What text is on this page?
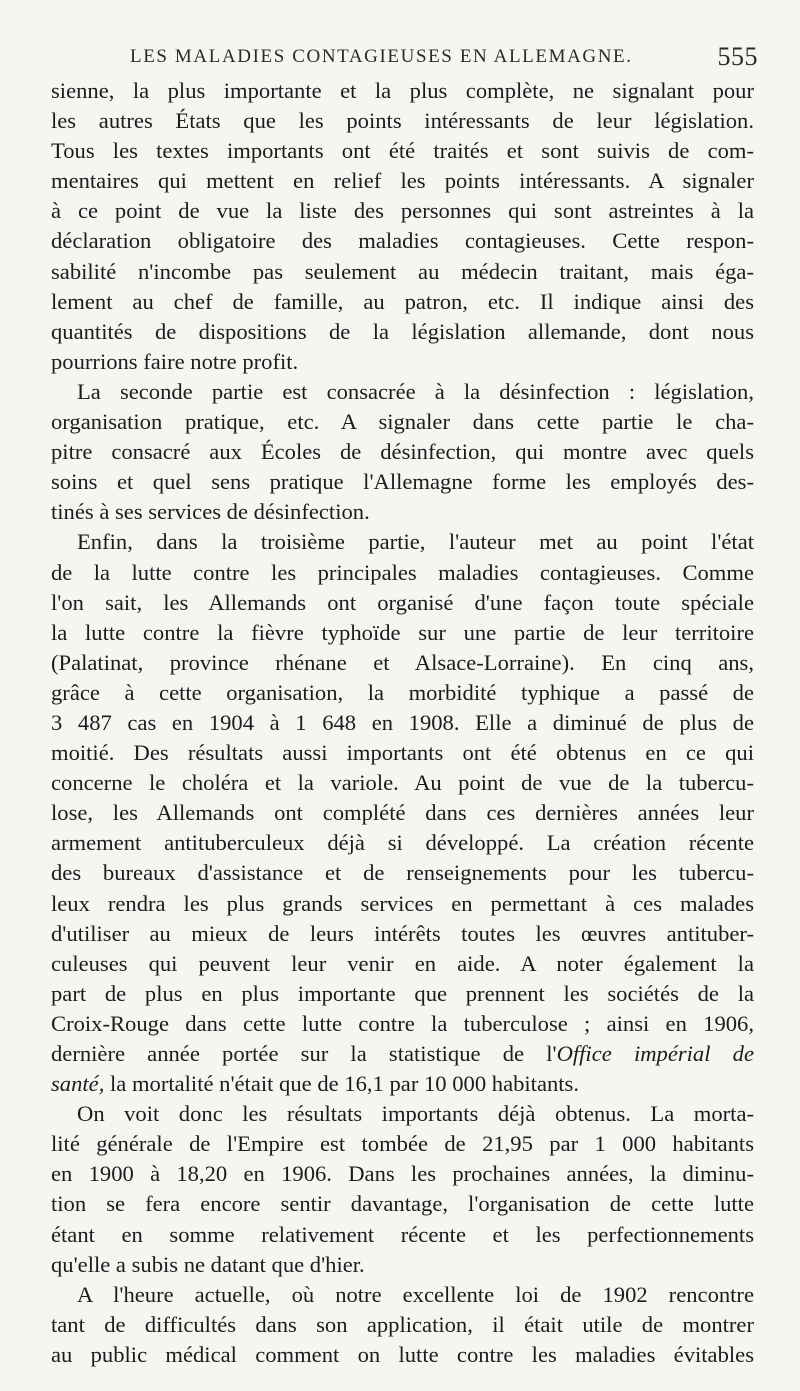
LES MALADIES CONTAGIEUSES EN ALLEMAGNE.	555
sienne, la plus importante et la plus complète, ne signalant pour
les autres États que les points intéressants de leur législation.
Tous les textes importants ont été traités et sont suivis de com-
mentaires qui mettent en relief les points intéressants. A signaler
à ce point de vue la liste des personnes qui sont astreintes à la
déclaration obligatoire des maladies contagieuses. Cette respon-
sabilité n'incombe pas seulement au médecin traitant, mais éga-
lement au chef de famille, au patron, etc. Il indique ainsi des
quantités de dispositions de la législation allemande, dont nous
pourrions faire notre profit.
La seconde partie est consacrée à la désinfection : législation,
organisation pratique, etc. A signaler dans cette partie le cha-
pitre consacré aux Écoles de désinfection, qui montre avec quels
soins et quel sens pratique l'Allemagne forme les employés des-
tinés à ses services de désinfection.
Enfin, dans la troisième partie, l'auteur met au point l'état
de la lutte contre les principales maladies contagieuses. Comme
l'on sait, les Allemands ont organisé d'une façon toute spéciale
la lutte contre la fièvre typhoïde sur une partie de leur territoire
(Palatinat, province rhénane et Alsace-Lorraine). En cinq ans,
grâce à cette organisation, la morbidité typhique a passé de
3 487 cas en 1904 à 1 648 en 1908. Elle a diminué de plus de
moitié. Des résultats aussi importants ont été obtenus en ce qui
concerne le choléra et la variole. Au point de vue de la tubercu-
lose, les Allemands ont complété dans ces dernières années leur
armement antituberculeux déjà si développé. La création récente
des bureaux d'assistance et de renseignements pour les tubercu-
leux rendra les plus grands services en permettant à ces malades
d'utiliser au mieux de leurs intérêts toutes les œuvres antituber-
culeuses qui peuvent leur venir en aide. A noter également la
part de plus en plus importante que prennent les sociétés de la
Croix-Rouge dans cette lutte contre la tuberculose ; ainsi en 1906,
dernière année portée sur la statistique de l'Office impérial de
santé, la mortalité n'était que de 16,1 par 10 000 habitants.
On voit donc les résultats importants déjà obtenus. La morta-
lité générale de l'Empire est tombée de 21,95 par 1 000 habitants
en 1900 à 18,20 en 1906. Dans les prochaines années, la diminu-
tion se fera encore sentir davantage, l'organisation de cette lutte
étant en somme relativement récente et les perfectionnements
qu'elle a subis ne datant que d'hier.
A l'heure actuelle, où notre excellente loi de 1902 rencontre
tant de difficultés dans son application, il était utile de montrer
au public médical comment on lutte contre les maladies évitables
